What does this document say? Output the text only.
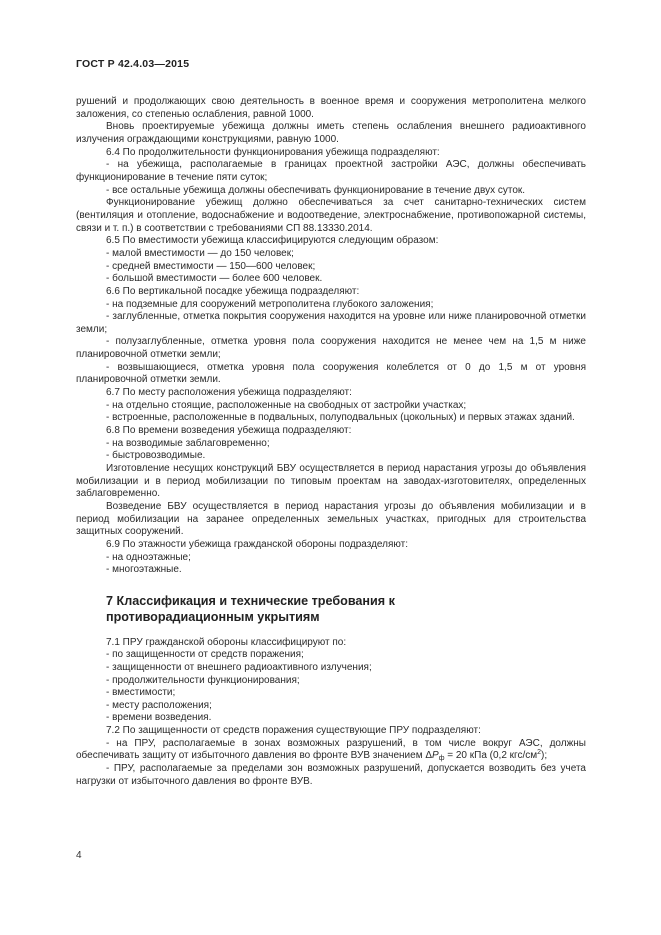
ГОСТ Р 42.4.03—2015

рушений и продолжающих свою деятельность в военное время и сооружения метрополитена мелкого заложения, со степенью ослабления, равной 1000.

Вновь проектируемые убежища должны иметь степень ослабления внешнего радиоактивного излучения ограждающими конструкциями, равную 1000.

6.4 По продолжительности функционирования убежища подразделяют:

- на убежища, располагаемые в границах проектной застройки АЭС, должны обеспечивать функционирование в течение пяти суток;

- все остальные убежища должны обеспечивать функционирование в течение двух суток.

Функционирование убежищ должно обеспечиваться за счет санитарно-технических систем (вентиляция и отопление, водоснабжение и водоотведение, электроснабжение, противопожарной системы, связи и т. п.) в соответствии с требованиями СП 88.13330.2014.

6.5 По вместимости убежища классифицируются следующим образом:

- малой вместимости — до 150 человек;

- средней вместимости — 150—600 человек;

- большой вместимости — более 600 человек.

6.6 По вертикальной посадке убежища подразделяют:

- на подземные для сооружений метрополитена глубокого заложения;

- заглубленные, отметка покрытия сооружения находится на уровне или ниже планировочной отметки земли;

- полузаглубленные, отметка уровня пола сооружения находится не менее чем на 1,5 м ниже планировочной отметки земли;

- возвышающиеся, отметка уровня пола сооружения колеблется от 0 до 1,5 м от уровня планировочной отметки земли.

6.7 По месту расположения убежища подразделяют:

- на отдельно стоящие, расположенные на свободных от застройки участках;

- встроенные, расположенные в подвальных, полуподвальных (цокольных) и первых этажах зданий.

6.8 По времени возведения убежища подразделяют:

- на возводимые заблаговременно;

- быстровозводимые.

Изготовление несущих конструкций БВУ осуществляется в период нарастания угрозы до объявления мобилизации и в период мобилизации по типовым проектам на заводах-изготовителях, определенных заблаговременно.

Возведение БВУ осуществляется в период нарастания угрозы до объявления мобилизации и в период мобилизации на заранее определенных земельных участках, пригодных для строительства защитных сооружений.

6.9 По этажности убежища гражданской обороны подразделяют:

- на одноэтажные;

- многоэтажные.

7 Классификация и технические требования к противорадиационным укрытиям

7.1 ПРУ гражданской обороны классифицируют по:

- по защищенности от средств поражения;

- защищенности от внешнего радиоактивного излучения;

- продолжительности функционирования;

- вместимости;

- месту расположения;

- времени возведения.

7.2 По защищенности от средств поражения существующие ПРУ подразделяют:

- на ПРУ, располагаемые в зонах возможных разрушений, в том числе вокруг АЭС, должны обеспечивать защиту от избыточного давления во фронте ВУВ значением $\Delta P_ф = 20$ кПа (0,2 кгс/$см^2$);

- ПРУ, располагаемые за пределами зон возможных разрушений, допускается возводить без учета нагрузки от избыточного давления во фронте ВУВ.

4
